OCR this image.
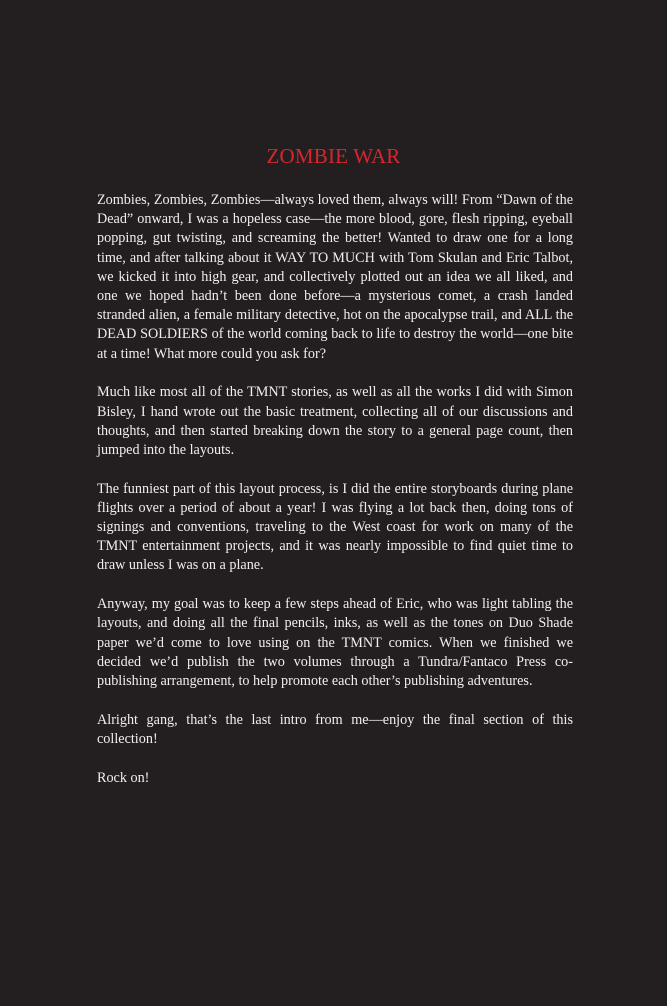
ZOMBIE WAR

Zombies, Zombies, Zombies—always loved them, always will! From “Dawn of the Dead” onward, I was a hopeless case—the more blood, gore, flesh ripping, eyeball popping, gut twisting, and screaming the better! Wanted to draw one for a long time, and after talking about it WAY TO MUCH with Tom Skulan and Eric Talbot, we kicked it into high gear, and collectively plotted out an idea we all liked, and one we hoped hadn’t been done before—a mysterious comet, a crash landed stranded alien, a female military detective, hot on the apocalypse trail, and ALL the DEAD SOLDIERS of the world coming back to life to destroy the world—one bite at a time! What more could you ask for?

Much like most all of the TMNT stories, as well as all the works I did with Simon Bisley, I hand wrote out the basic treatment, collecting all of our discussions and thoughts, and then started breaking down the story to a general page count, then jumped into the layouts.

The funniest part of this layout process, is I did the entire storyboards during plane flights over a period of about a year! I was flying a lot back then, doing tons of signings and conventions, traveling to the West coast for work on many of the TMNT entertainment projects, and it was nearly impossible to find quiet time to draw unless I was on a plane.

Anyway, my goal was to keep a few steps ahead of Eric, who was light tabling the layouts, and doing all the final pencils, inks, as well as the tones on Duo Shade paper we’d come to love using on the TMNT comics. When we finished we decided we’d publish the two volumes through a Tundra/Fantaco Press co-publishing arrangement, to help promote each other’s publishing adventures.

Alright gang, that’s the last intro from me—enjoy the final section of this collection!

Rock on!
